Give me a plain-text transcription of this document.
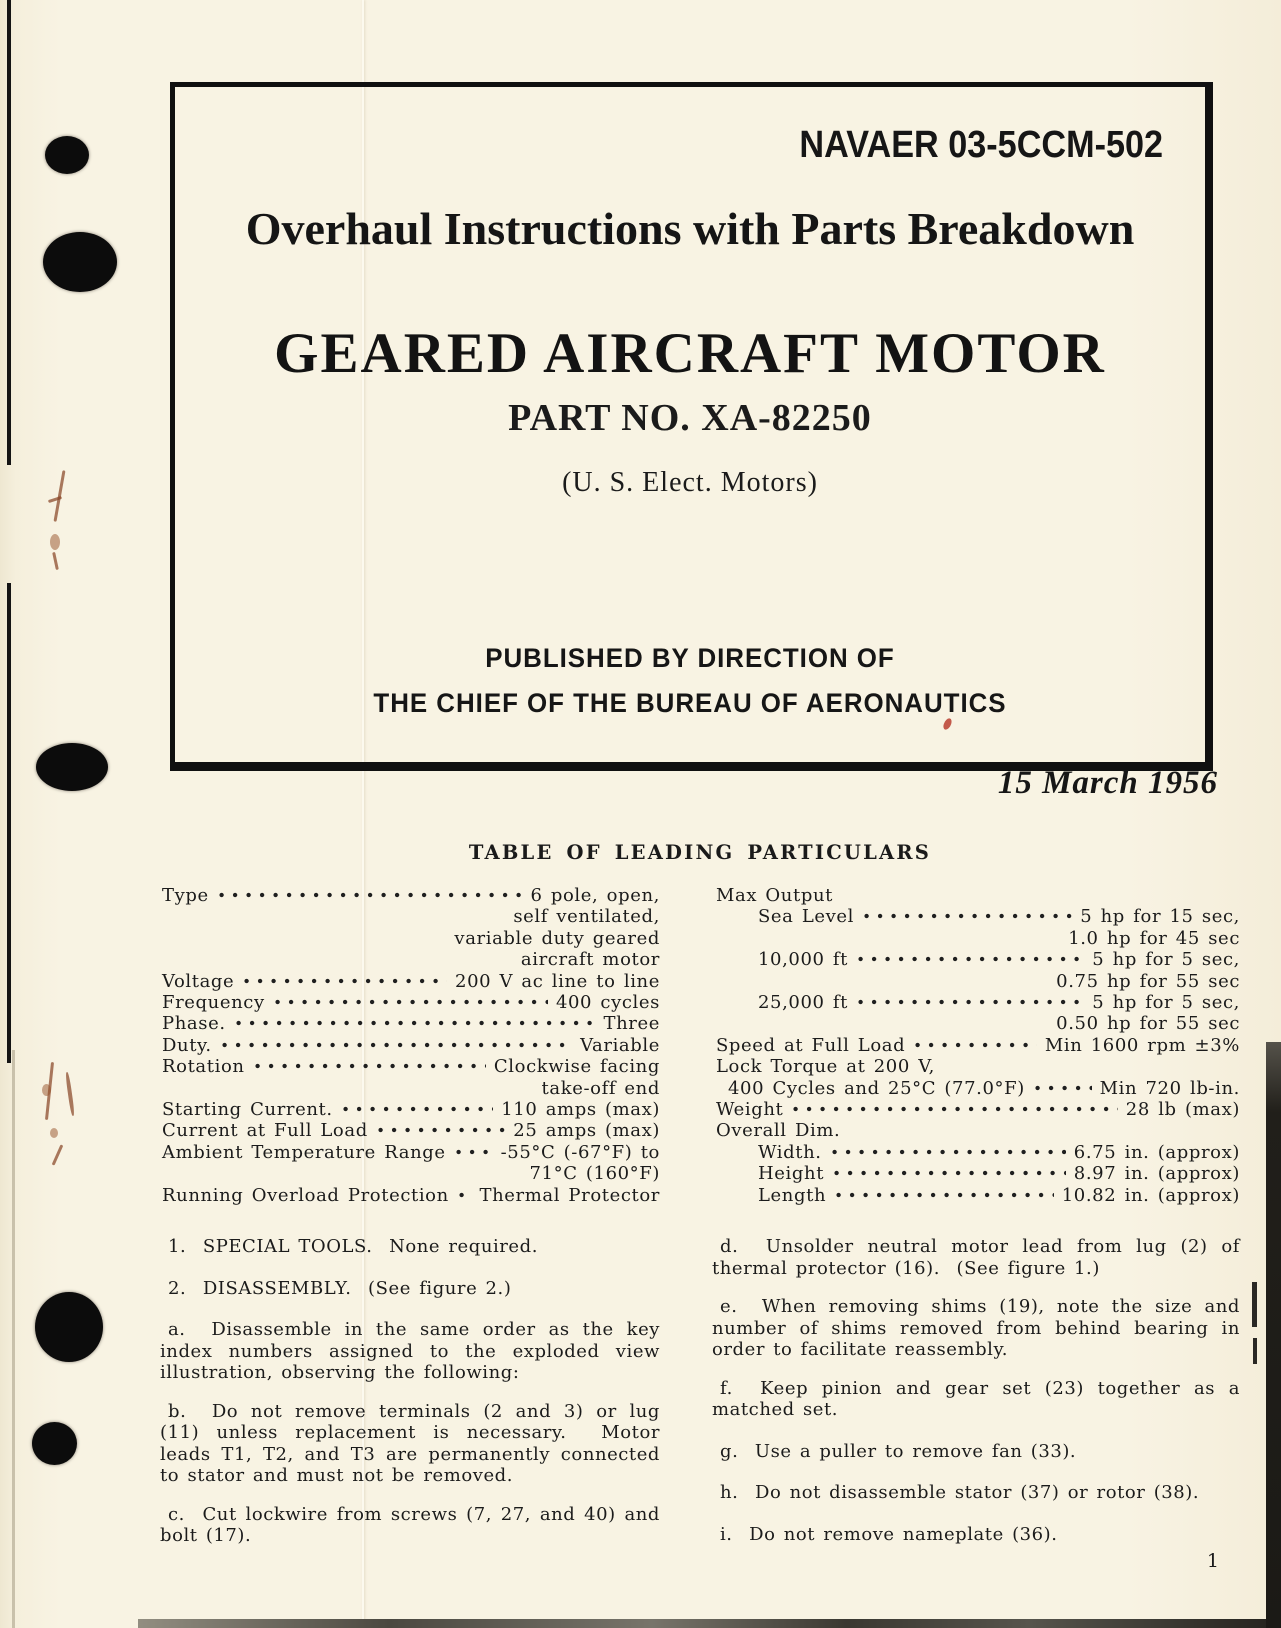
NAVAER 03-5CCM-502
Overhaul Instructions with Parts Breakdown
GEARED AIRCRAFT MOTOR
PART NO. XA-82250
(U. S. Elect. Motors)
PUBLISHED BY DIRECTION OF
THE CHIEF OF THE BUREAU OF AERONAUTICS
15 March 1956
TABLE OF LEADING PARTICULARS
Type	6 pole, open,
self ventilated,
variable duty geared
aircraft motor
Voltage	200 V ac line to line
Frequency	400 cycles
Phase.	Three
Duty.	Variable
Rotation	Clockwise facing
take-off end
Starting Current.	110 amps (max)
Current at Full Load	25 amps (max)
Ambient Temperature Range	-55°C (-67°F) to
71°C (160°F)
Running Overload Protection Thermal Protector
Max Output
Sea Level	5 hp for 15 sec,
1.0 hp for 45 sec
10,000 ft	5 hp for 5 sec,
0.75 hp for 55 sec
25,000 ft	5 hp for 5 sec,
0.50 hp for 55 sec
Speed at Full Load	Min 1600 rpm ±3%
Lock Torque at 200 V,
400 Cycles and 25°C (77.0°F)	Min 720 lb-in.
Weight	28 lb (max)
Overall Dim.
Width.	6.75 in. (approx)
Height	8.97 in. (approx)
Length	10.82 in. (approx)

1.  SPECIAL TOOLS.  None required.

2.  DISASSEMBLY.  (See figure 2.)

a.  Disassemble in the same order as the key index numbers assigned to the exploded view illustration, observing the following:

b.  Do not remove terminals (2 and 3) or lug (11) unless replacement is necessary.  Motor leads T1, T2, and T3 are permanently connected to stator and must not be removed.

c.  Cut lockwire from screws (7, 27, and 40) and bolt (17).

d.  Unsolder neutral motor lead from lug (2) of thermal protector (16).  (See figure 1.)

e.  When removing shims (19), note the size and number of shims removed from behind bearing in order to facilitate reassembly.

f.  Keep pinion and gear set (23) together as a matched set.

g.  Use a puller to remove fan (33).

h.  Do not disassemble stator (37) or rotor (38).

i.  Do not remove nameplate (36).

1
